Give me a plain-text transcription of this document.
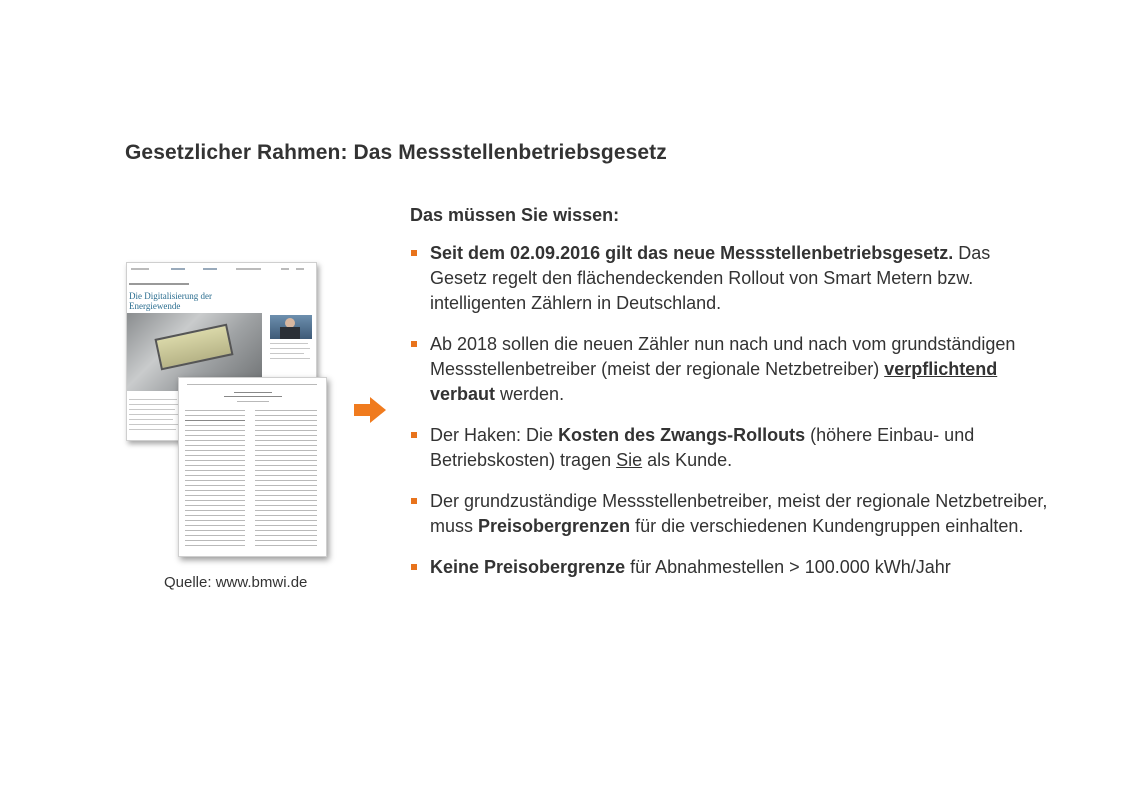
Gesetzlicher Rahmen: Das Messstellenbetriebsgesetz
Die Digitalisierung der Energiewende
Quelle: www.bmwi.de
Das müssen Sie wissen:
Seit dem 02.09.2016 gilt das neue Messstellenbetriebsgesetz. Das Gesetz regelt den flächendeckenden Rollout von Smart Metern bzw. intelligenten Zählern in Deutschland.
Ab 2018 sollen die neuen Zähler nun nach und nach vom grundständigen Messstellenbetreiber (meist der regionale Netzbetreiber) verpflichtend verbaut werden.
Der Haken: Die Kosten des Zwangs-Rollouts (höhere Einbau- und Betriebskosten) tragen Sie als Kunde.
Der grundzuständige Messstellenbetreiber, meist der regionale Netzbetreiber, muss Preisobergrenzen für die verschiedenen Kundengruppen einhalten.
Keine Preisobergrenze für Abnahmestellen > 100.000 kWh/Jahr
